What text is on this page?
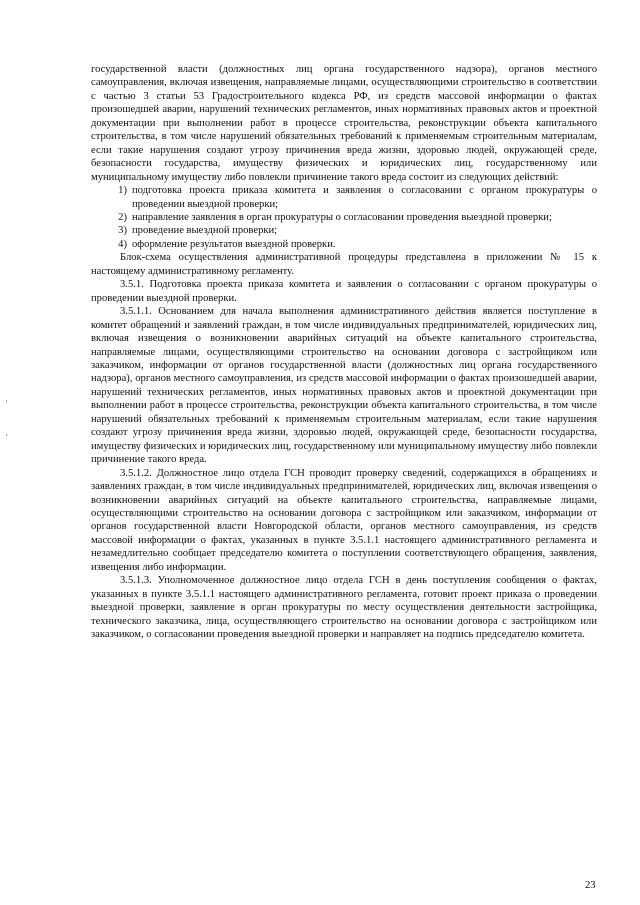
государственной власти (должностных лиц органа государственного надзора), органов местного самоуправления, включая извещения, направляемые лицами, осуществляющими строительство в соответствии с частью 3 статьи 53 Градостроительного кодекса РФ, из средств массовой информации о фактах произошедшей аварии, нарушений технических регламентов, иных нормативных правовых актов и проектной документации при выполнении работ в процессе строительства, реконструкции объекта капитального строительства, в том числе нарушений обязательных требований к применяемым строительным материалам, если такие нарушения создают угрозу причинения вреда жизни, здоровью людей, окружающей среде, безопасности государства, имуществу физических и юридических лиц, государственному или муниципальному имуществу либо повлекли причинение такого вреда состоит из следующих действий:

1) подготовка проекта приказа комитета и заявления о согласовании с органом прокуратуры о проведении выездной проверки;
2) направление заявления в орган прокуратуры о согласовании проведения выездной проверки;
3) проведение выездной проверки;
4) оформление результатов выездной проверки.

Блок-схема осуществления административной процедуры представлена в приложении № 15 к настоящему административному регламенту.

3.5.1. Подготовка проекта приказа комитета и заявления о согласовании с органом прокуратуры о проведении выездной проверки.

3.5.1.1. Основанием для начала выполнения административного действия является поступление в комитет обращений и заявлений граждан, в том числе индивидуальных предпринимателей, юридических лиц, включая извещения о возникновении аварийных ситуаций на объекте капитального строительства, направляемые лицами, осуществляющими строительство на основании договора с застройщиком или заказчиком, информации от органов государственной власти (должностных лиц органа государственного надзора), органов местного самоуправления, из средств массовой информации о фактах произошедшей аварии, нарушений технических регламентов, иных нормативных правовых актов и проектной документации при выполнении работ в процессе строительства, реконструкции объекта капитального строительства, в том числе нарушений обязательных требований к применяемым строительным материалам, если такие нарушения создают угрозу причинения вреда жизни, здоровью людей, окружающей среде, безопасности государства, имуществу физических и юридических лиц, государственному или муниципальному имуществу либо повлекли причинение такого вреда.

3.5.1.2. Должностное лицо отдела ГСН проводит проверку сведений, содержащихся в обращениях и заявлениях граждан, в том числе индивидуальных предпринимателей, юридических лиц, включая извещения о возникновении аварийных ситуаций на объекте капитального строительства, направляемые лицами, осуществляющими строительство на основании договора с застройщиком или заказчиком, информации от органов государственной власти Новгородской области, органов местного самоуправления, из средств массовой информации о фактах, указанных в пункте 3.5.1.1 настоящего административного регламента и незамедлительно сообщает председателю комитета о поступлении соответствующего обращения, заявления, извещения либо информации.

3.5.1.3. Уполномоченное должностное лицо отдела ГСН в день поступления сообщения о фактах, указанных в пункте 3.5.1.1 настоящего административного регламента, готовит проект приказа о проведении выездной проверки, заявление в орган прокуратуры по месту осуществления деятельности застройщика, технического заказчика, лица, осуществляющего строительство на основании договора с застройщиком или заказчиком, о согласовании проведения выездной проверки и направляет на подпись председателю комитета.

23
